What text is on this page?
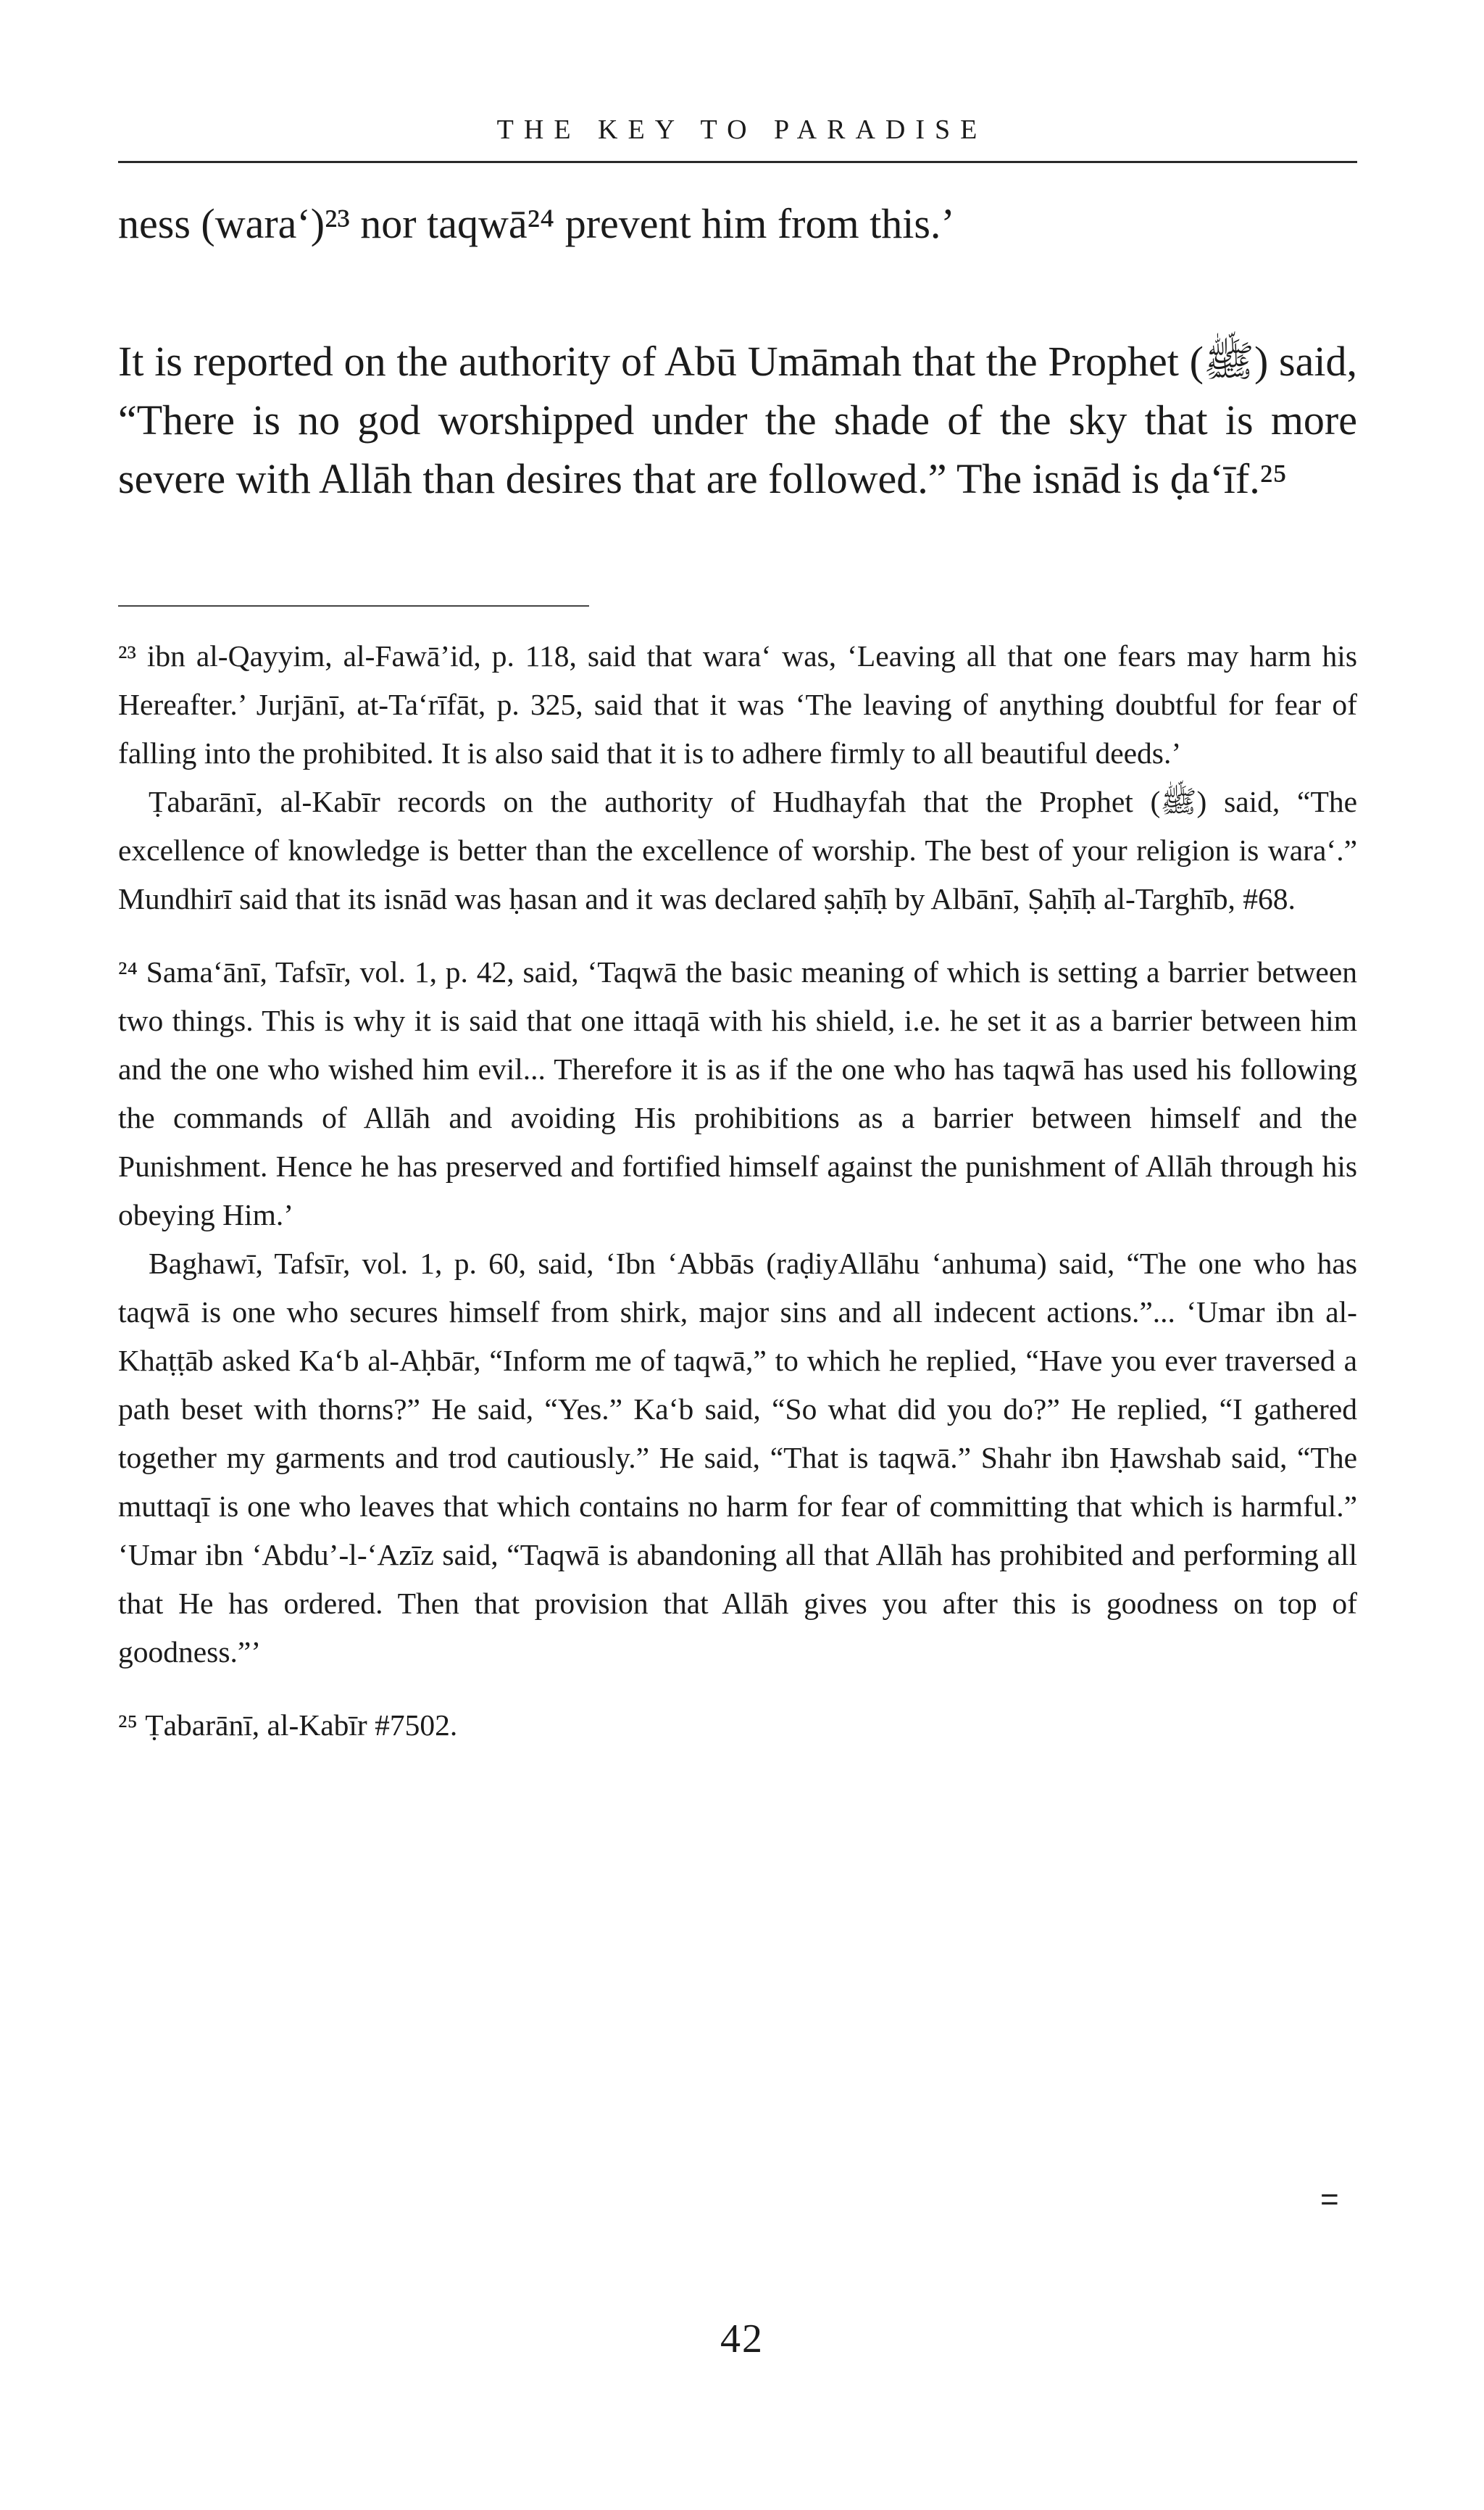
THE KEY TO PARADISE

ness (wara‘)²³ nor taqwā²⁴ prevent him from this.’

It is reported on the authority of Abū Umāmah that the Prophet (ﷺ) said, “There is no god worshipped under the shade of the sky that is more severe with Allāh than desires that are followed.” The isnād is ḍa‘īf.²⁵

²³ ibn al-Qayyim, al-Fawā’id, p. 118, said that wara‘ was, ‘Leaving all that one fears may harm his Hereafter.’ Jurjānī, at-Ta‘rīfāt, p. 325, said that it was ‘The leaving of anything doubtful for fear of falling into the prohibited. It is also said that it is to adhere firmly to all beautiful deeds.’

Ṭabarānī, al-Kabīr records on the authority of Hudhayfah that the Prophet (ﷺ) said, “The excellence of knowledge is better than the excellence of worship. The best of your religion is wara‘.” Mundhirī said that its isnād was ḥasan and it was declared ṣaḥīḥ by Albānī, Ṣaḥīḥ al-Targhīb, #68.

²⁴ Sama‘ānī, Tafsīr, vol. 1, p. 42, said, ‘Taqwā the basic meaning of which is setting a barrier between two things. This is why it is said that one ittaqā with his shield, i.e. he set it as a barrier between him and the one who wished him evil... Therefore it is as if the one who has taqwā has used his following the commands of Allāh and avoiding His prohibitions as a barrier between himself and the Punishment. Hence he has preserved and fortified himself against the punishment of Allāh through his obeying Him.’

Baghawī, Tafsīr, vol. 1, p. 60, said, ‘Ibn ‘Abbās (raḍiyAllāhu ‘anhuma) said, “The one who has taqwā is one who secures himself from shirk, major sins and all indecent actions.”... ‘Umar ibn al-Khaṭṭāb asked Ka‘b al-Aḥbār, “Inform me of taqwā,” to which he replied, “Have you ever traversed a path beset with thorns?” He said, “Yes.” Ka‘b said, “So what did you do?” He replied, “I gathered together my garments and trod cautiously.” He said, “That is taqwā.” Shahr ibn Ḥawshab said, “The muttaqī is one who leaves that which contains no harm for fear of committing that which is harmful.” ‘Umar ibn ‘Abdu’-l-‘Azīz said, “Taqwā is abandoning all that Allāh has prohibited and performing all that He has ordered. Then that provision that Allāh gives you after this is goodness on top of goodness.”’

²⁵ Ṭabarānī, al-Kabīr #7502.

=
42
